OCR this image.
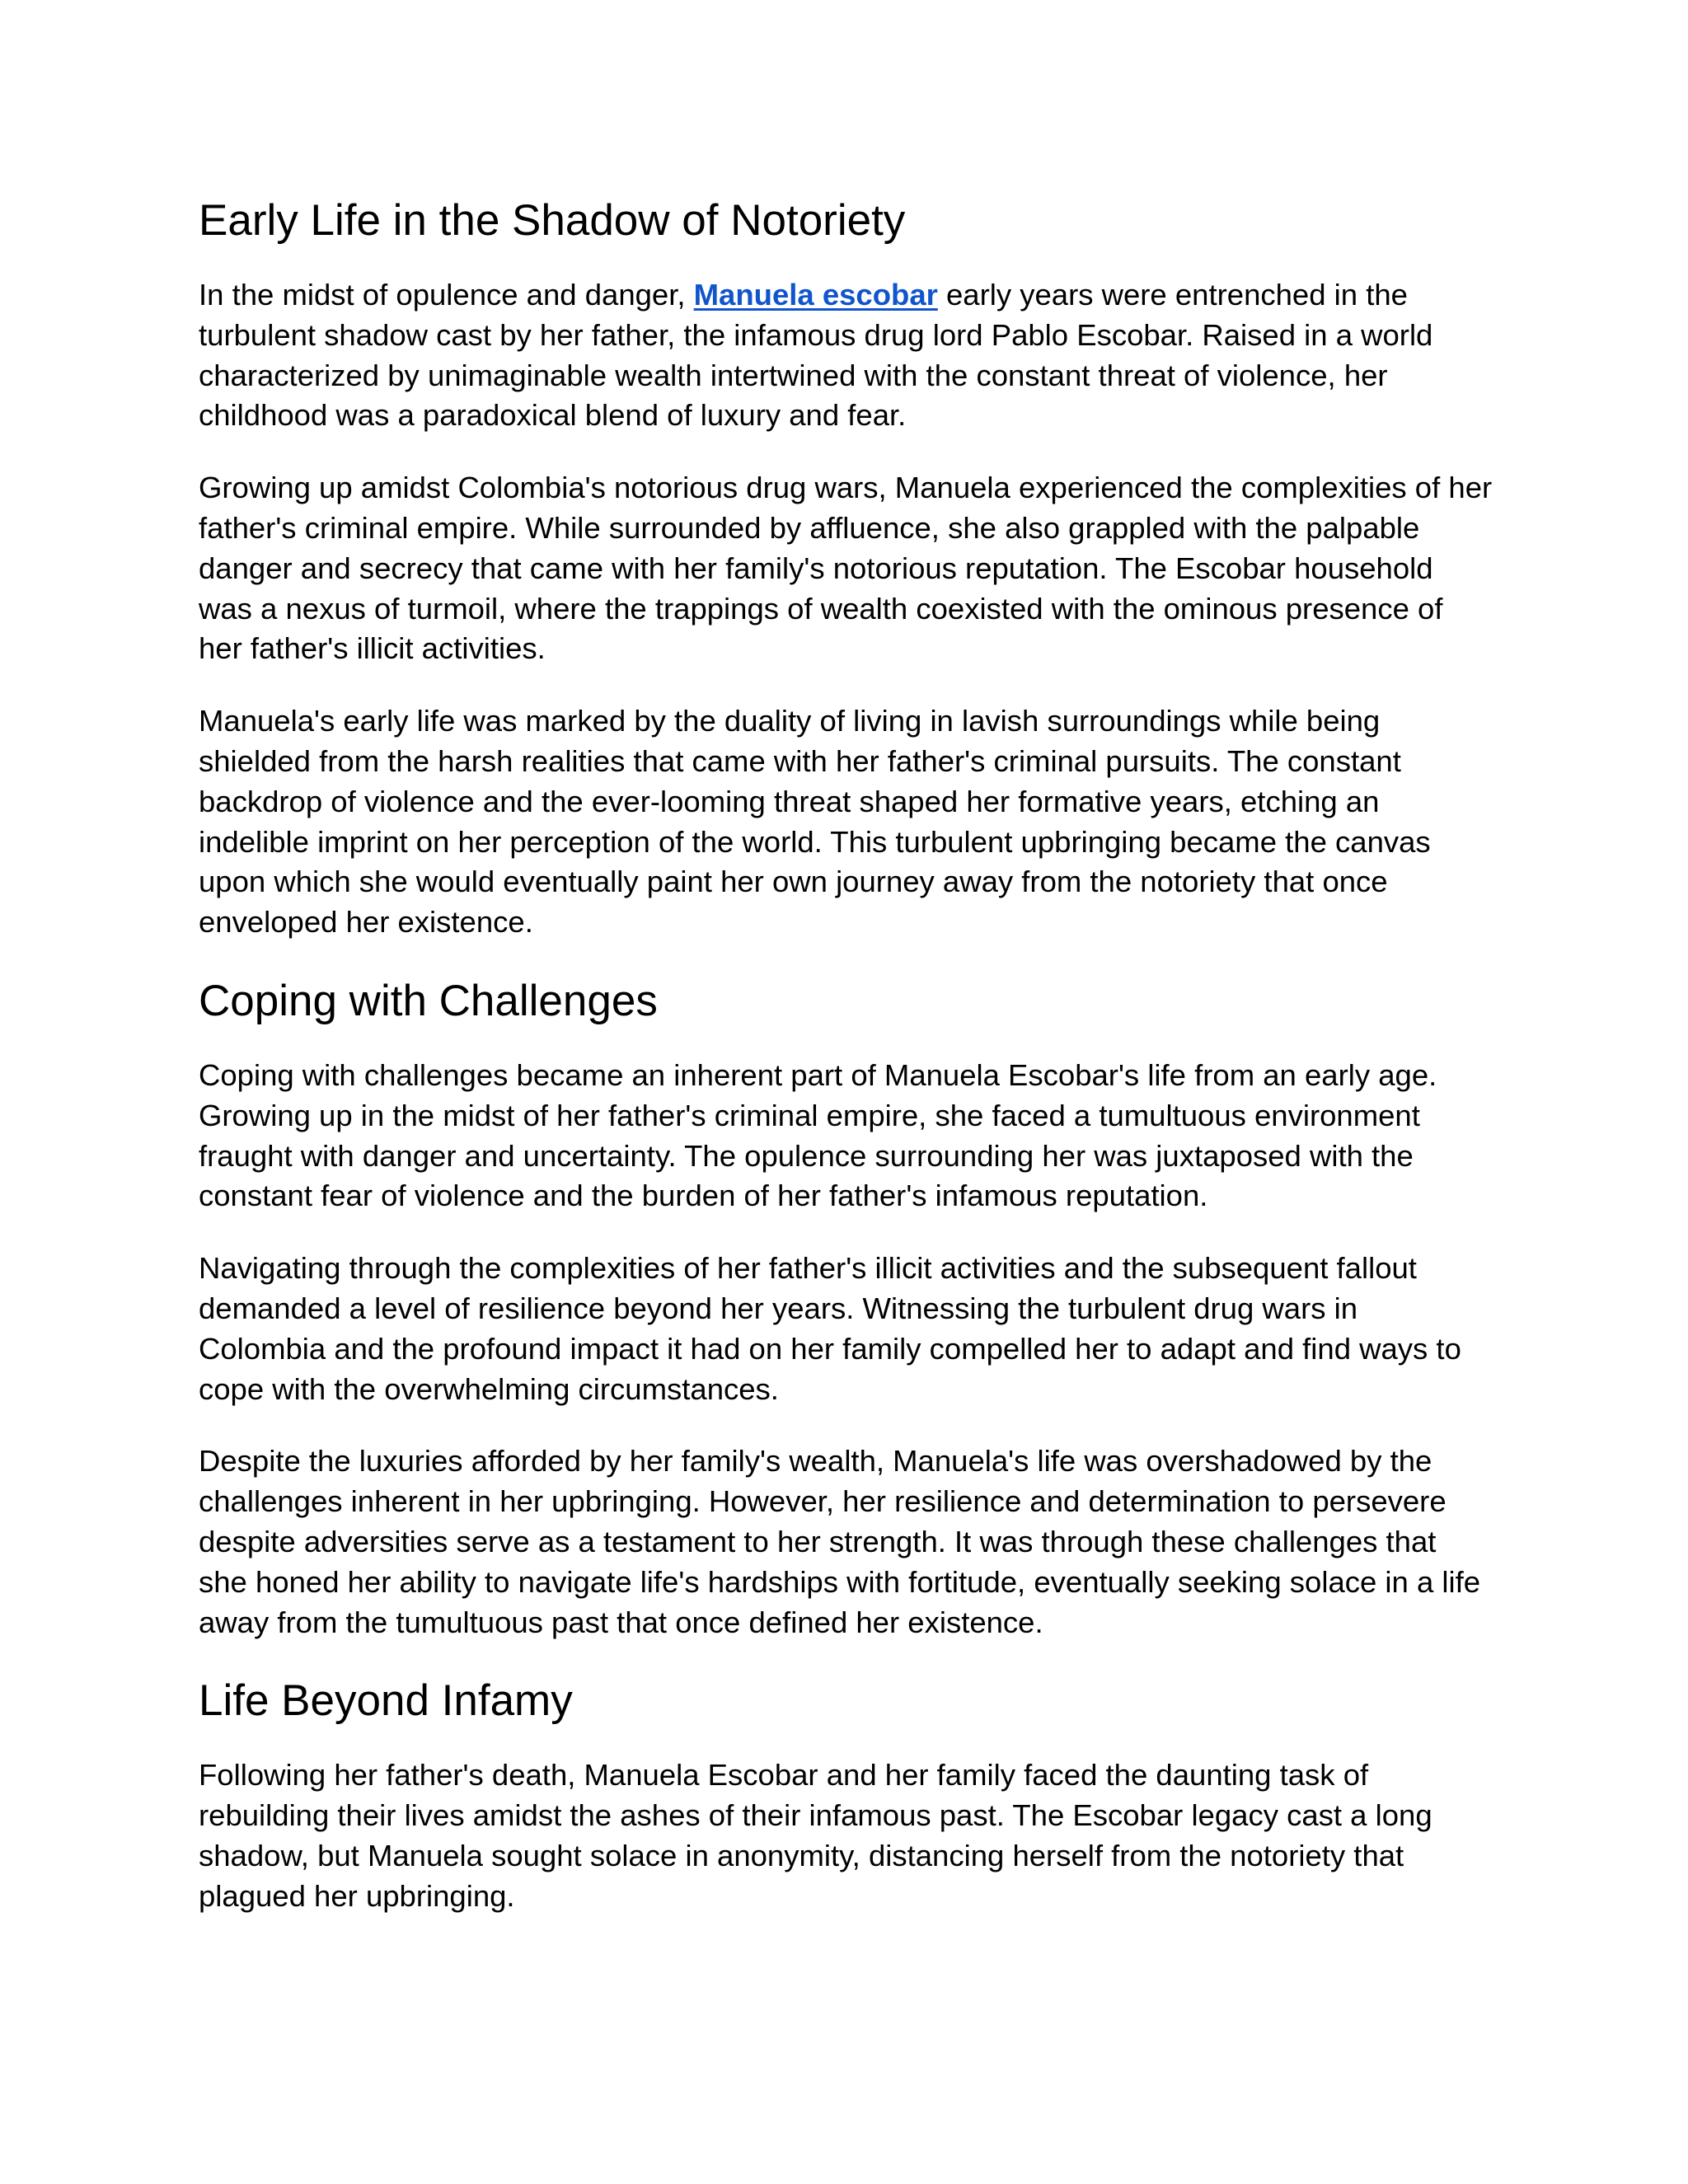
Early Life in the Shadow of Notoriety

In the midst of opulence and danger, Manuela escobar early years were entrenched in the turbulent shadow cast by her father, the infamous drug lord Pablo Escobar. Raised in a world characterized by unimaginable wealth intertwined with the constant threat of violence, her childhood was a paradoxical blend of luxury and fear.

Growing up amidst Colombia's notorious drug wars, Manuela experienced the complexities of her father's criminal empire. While surrounded by affluence, she also grappled with the palpable danger and secrecy that came with her family's notorious reputation. The Escobar household was a nexus of turmoil, where the trappings of wealth coexisted with the ominous presence of her father's illicit activities.

Manuela's early life was marked by the duality of living in lavish surroundings while being shielded from the harsh realities that came with her father's criminal pursuits. The constant backdrop of violence and the ever-looming threat shaped her formative years, etching an indelible imprint on her perception of the world. This turbulent upbringing became the canvas upon which she would eventually paint her own journey away from the notoriety that once enveloped her existence.

Coping with Challenges

Coping with challenges became an inherent part of Manuela Escobar's life from an early age. Growing up in the midst of her father's criminal empire, she faced a tumultuous environment fraught with danger and uncertainty. The opulence surrounding her was juxtaposed with the constant fear of violence and the burden of her father's infamous reputation.

Navigating through the complexities of her father's illicit activities and the subsequent fallout demanded a level of resilience beyond her years. Witnessing the turbulent drug wars in Colombia and the profound impact it had on her family compelled her to adapt and find ways to cope with the overwhelming circumstances.

Despite the luxuries afforded by her family's wealth, Manuela's life was overshadowed by the challenges inherent in her upbringing. However, her resilience and determination to persevere despite adversities serve as a testament to her strength. It was through these challenges that she honed her ability to navigate life's hardships with fortitude, eventually seeking solace in a life away from the tumultuous past that once defined her existence.

Life Beyond Infamy

Following her father's death, Manuela Escobar and her family faced the daunting task of rebuilding their lives amidst the ashes of their infamous past. The Escobar legacy cast a long shadow, but Manuela sought solace in anonymity, distancing herself from the notoriety that plagued her upbringing.
